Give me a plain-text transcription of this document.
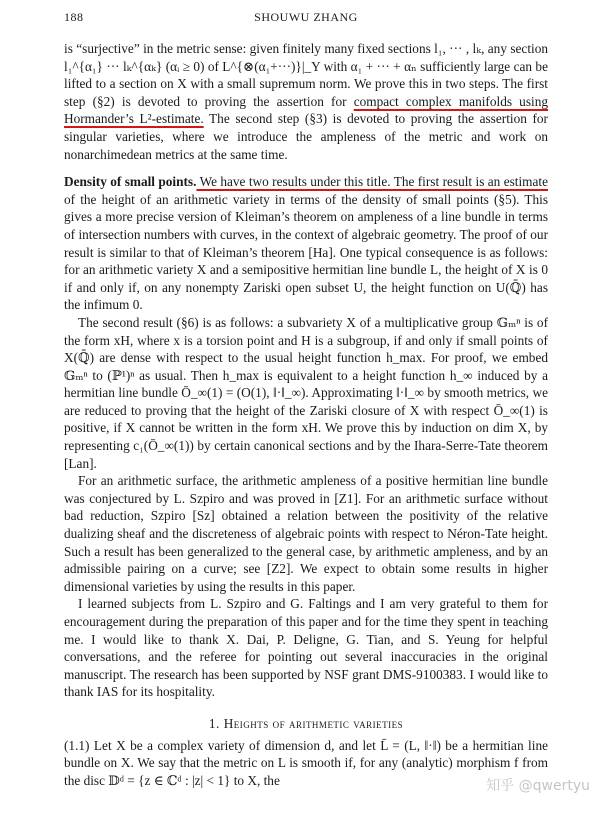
188	SHOUWU ZHANG

is “surjective” in the metric sense: given finitely many fixed sections l₁, ··· , lₖ, any section l₁^{α₁} ··· lₖ^{αₖ} (αᵢ ≥ 0) of L^{⊗(α₁+···)}|_Y with α₁ + ··· + αₙ sufficiently large can be lifted to a section on X with a small supremum norm. We prove this in two steps. The first step (§2) is devoted to proving the assertion for compact complex manifolds using Hormander’s L²-estimate. The second step (§3) is devoted to proving the assertion for singular varieties, where we introduce the ampleness of the metric and work on nonarchimedean metrics at the same time.

Density of small points. We have two results under this title. The first result is an estimate of the height of an arithmetic variety in terms of the density of small points (§5). This gives a more precise version of Kleiman’s theorem on ampleness of a line bundle in terms of intersection numbers with curves, in the context of algebraic geometry. The proof of our result is similar to that of Kleiman’s theorem [Ha]. One typical consequence is as follows: for an arithmetic variety X and a semipositive hermitian line bundle L, the height of X is 0 if and only if, on any nonempty Zariski open subset U, the height function on U(ℚ̄) has the infimum 0.

The second result (§6) is as follows: a subvariety X of a multiplicative group 𝔾ₘⁿ is of the form xH, where x is a torsion point and H is a subgroup, if and only if small points of X(ℚ̄) are dense with respect to the usual height function h_max. For proof, we embed 𝔾ₘⁿ to (ℙ¹)ⁿ as usual. Then h_max is equivalent to a height function h_∞ induced by a hermitian line bundle Ō_∞(1) = (O(1), ‖·‖_∞). Approximating ‖·‖_∞ by smooth metrics, we are reduced to proving that the height of the Zariski closure of X with respect Ō_∞(1) is positive, if X cannot be written in the form xH. We prove this by induction on dim X, by representing c₁(Ō_∞(1)) by certain canonical sections and by the Ihara-Serre-Tate theorem [Lan].

For an arithmetic surface, the arithmetic ampleness of a positive hermitian line bundle was conjectured by L. Szpiro and was proved in [Z1]. For an arithmetic surface without bad reduction, Szpiro [Sz] obtained a relation between the positivity of the relative dualizing sheaf and the discreteness of algebraic points with respect to Néron-Tate height. Such a result has been generalized to the general case, by arithmetic ampleness, and by an admissible pairing on a curve; see [Z2]. We expect to obtain some results in higher dimensional varieties by using the results in this paper.

I learned subjects from L. Szpiro and G. Faltings and I am very grateful to them for encouragement during the preparation of this paper and for the time they spent in teaching me. I would like to thank X. Dai, P. Deligne, G. Tian, and S. Yeung for helpful conversations, and the referee for pointing out several inaccuracies in the original manuscript. The research has been supported by NSF grant DMS-9100383. I would like to thank IAS for its hospitality.

1. Heights of arithmetic varieties

(1.1) Let X be a complex variety of dimension d, and let L̄ = (L, ‖·‖) be a hermitian line bundle on X. We say that the metric on L is smooth if, for any (analytic) morphism f from the disc 𝔻ᵈ = {z ∈ ℂᵈ : |z| < 1} to X, the	知乎 @qwertyu
